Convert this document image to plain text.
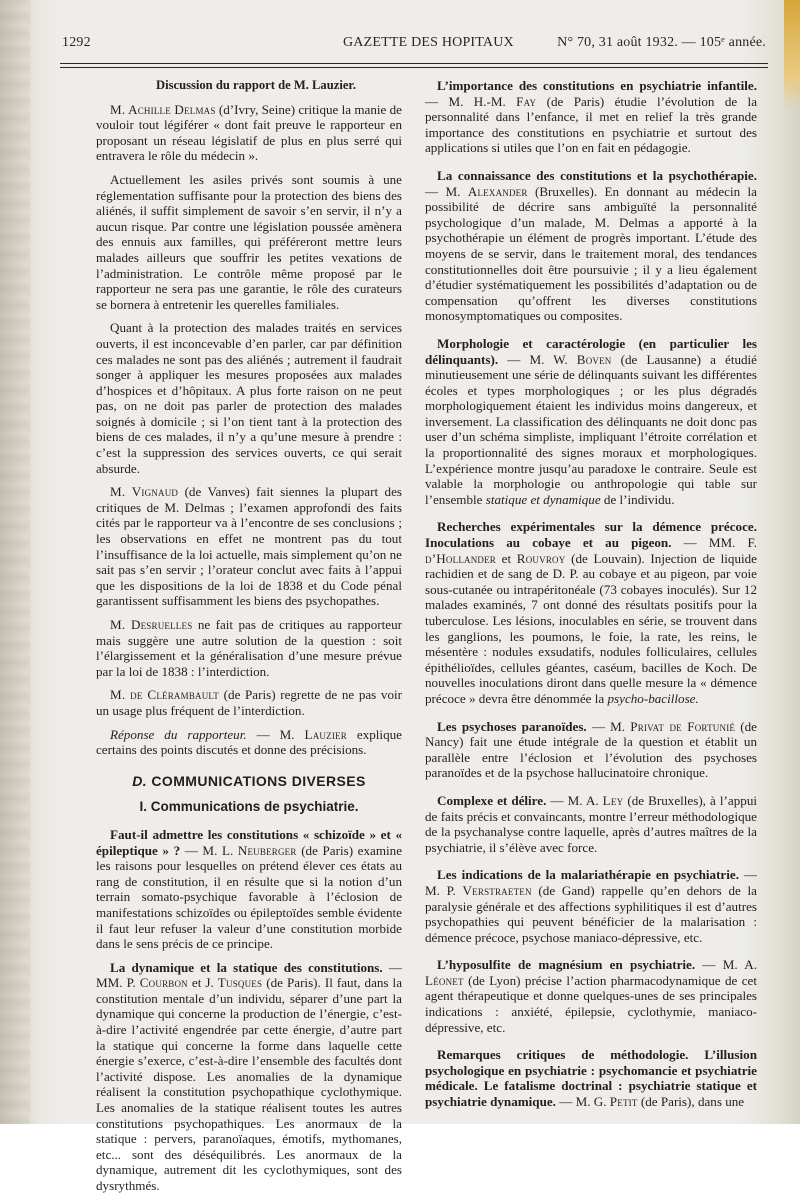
1292	GAZETTE DES HOPITAUX	N° 70, 31 août 1932. — 105ᵉ année.

Discussion du rapport de M. Lauzier.

M. Achille Delmas (d’Ivry, Seine) critique la manie de vouloir tout légiférer « dont fait preuve le rapporteur en proposant un réseau législatif de plus en plus serré qui entravera le rôle du médecin ».

Actuellement les asiles privés sont soumis à une réglementation suffisante pour la protection des biens des aliénés, il suffit simplement de savoir s’en servir, il n’y a aucun risque. Par contre une législation poussée amènera des ennuis aux familles, qui préféreront mettre leurs malades ailleurs que souffrir les petites vexations de l’administration. Le contrôle même proposé par le rapporteur ne sera pas une garantie, le rôle des curateurs se bornera à entretenir les querelles familiales.

Quant à la protection des malades traités en services ouverts, il est inconcevable d’en parler, car par définition ces malades ne sont pas des aliénés ; autrement il faudrait songer à appliquer les mesures proposées aux malades d’hospices et d’hôpitaux. A plus forte raison on ne peut pas, on ne doit pas parler de protection des malades soignés à domicile ; si l’on tient tant à la protection des biens de ces malades, il n’y a qu’une mesure à prendre : c’est la suppression des services ouverts, ce qui serait absurde.

M. Vignaud (de Vanves) fait siennes la plupart des critiques de M. Delmas ; l’examen approfondi des faits cités par le rapporteur va à l’encontre de ses conclusions ; les observations en effet ne montrent pas du tout l’insuffisance de la loi actuelle, mais simplement qu’on ne sait pas s’en servir ; l’orateur conclut avec faits à l’appui que les dispositions de la loi de 1838 et du Code pénal garantissent suffisamment les biens des psychopathes.

M. Desruelles ne fait pas de critiques au rapporteur mais suggère une autre solution de la question : soit l’élargissement et la généralisation d’une mesure prévue par la loi de 1838 : l’interdiction.

M. de Clérambault (de Paris) regrette de ne pas voir un usage plus fréquent de l’interdiction.

Réponse du rapporteur. — M. Lauzier explique certains des points discutés et donne des précisions.

D. COMMUNICATIONS DIVERSES
I. Communications de psychiatrie.

Faut-il admettre les constitutions « schizoïde » et « épileptique » ? — M. L. Neuberger (de Paris) examine les raisons pour lesquelles on prétend élever ces états au rang de constitution, il en résulte que si la notion d’un terrain somato-psychique favorable à l’éclosion de manifestations schizoïdes ou épileptoïdes semble évidente il faut leur refuser la valeur d’une constitution morbide dans le sens précis de ce principe.

La dynamique et la statique des constitutions. — MM. P. Courbon et J. Tusques (de Paris). Il faut, dans la constitution mentale d’un individu, séparer d’une part la dynamique qui concerne la production de l’énergie, c’est-à-dire l’activité engendrée par cette énergie, d’autre part la statique qui concerne la forme dans laquelle cette énergie s’exerce, c’est-à-dire l’ensemble des facultés dont l’activité dispose. Les anomalies de la dynamique réalisent la constitution psychopathique cyclothymique. Les anomalies de la statique réalisent toutes les autres constitutions psychopathiques. Les anormaux de la statique : pervers, paranoïaques, émotifs, mythomanes, etc... sont des déséquilibrés. Les anormaux de la dynamique, autrement dit les cyclothymiques, sont des dysrythmés.

L’importance des constitutions en psychiatrie infantile. — M. H.-M. Fay (de Paris) étudie l’évolution de la personnalité dans l’enfance, il met en relief la très grande importance des constitutions en psychiatrie et surtout des applications si utiles que l’on en fait en pédagogie.

La connaissance des constitutions et la psychothérapie. — M. Alexander (Bruxelles). En donnant au médecin la possibilité de décrire sans ambiguïté la personnalité psychologique d’un malade, M. Delmas a apporté à la psychothérapie un élément de progrès important. L’étude des moyens de se servir, dans le traitement moral, des tendances constitutionnelles doit être poursuivie ; il y a lieu également d’étudier systématiquement les possibilités d’adaptation ou de compensation qu’offrent les diverses constitutions monosymptomatiques ou composites.

Morphologie et caractérologie (en particulier les délinquants). — M. W. Boven (de Lausanne) a étudié minutieusement une série de délinquants suivant les différentes écoles et types morphologiques ; or les plus dégradés morphologiquement étaient les individus moins dangereux, et inversement. La classification des délinquants ne doit donc pas user d’un schéma simpliste, impliquant l’étroite corrélation et la proportionnalité des signes moraux et morphologiques. L’expérience montre jusqu’au paradoxe le contraire. Seule est valable la morphologie ou anthropologie qui table sur l’ensemble statique et dynamique de l’individu.

Recherches expérimentales sur la démence précoce. Inoculations au cobaye et au pigeon. — MM. F. d’Hollander et Rouvroy (de Louvain). Injection de liquide rachidien et de sang de D. P. au cobaye et au pigeon, par voie sous-cutanée ou intrapéritonéale (73 cobayes inoculés). Sur 12 malades examinés, 7 ont donné des résultats positifs pour la tuberculose. Les lésions, inoculables en série, se trouvent dans les ganglions, les poumons, le foie, la rate, les reins, le mésentère : nodules exsudatifs, nodules folliculaires, cellules épithélioïdes, cellules géantes, caséum, bacilles de Koch. De nouvelles inoculations diront dans quelle mesure la « démence précoce » devra être dénommée la psycho-bacillose.

Les psychoses paranoïdes. — M. Privat de Fortunié (de Nancy) fait une étude intégrale de la question et établit un parallèle entre l’éclosion et l’évolution des psychoses paranoïdes et de la psychose hallucinatoire chronique.

Complexe et délire. — M. A. Ley (de Bruxelles), à l’appui de faits précis et convaincants, montre l’erreur méthodologique de la psychanalyse contre laquelle, après d’autres maîtres de la psychiatrie, il s’élève avec force.

Les indications de la malariathérapie en psychiatrie. — M. P. Verstraeten (de Gand) rappelle qu’en dehors de la paralysie générale et des affections syphilitiques il est d’autres psychopathies qui peuvent bénéficier de la malarisation : démence précoce, psychose maniaco-dépressive, etc.

L’hyposulfite de magnésium en psychiatrie. — M. A. Léonet (de Lyon) précise l’action pharmacodynamique de cet agent thérapeutique et donne quelques-unes de ses principales indications : anxiété, épilepsie, cyclothymie, maniaco-dépressive, etc.

Remarques critiques de méthodologie. L’illusion psychologique en psychiatrie : psychomancie et psychiatrie médicale. Le fatalisme doctrinal : psychiatrie statique et psychiatrie dynamique. — M. G. Petit (de Paris), dans une
